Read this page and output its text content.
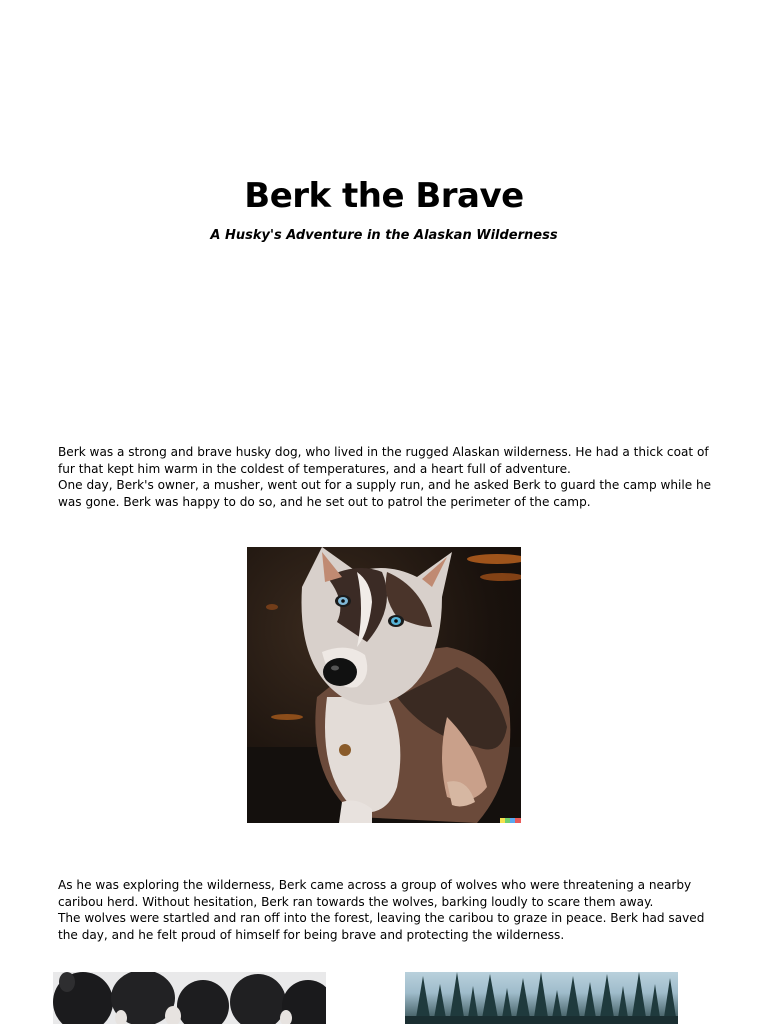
Berk the Brave
A Husky's Adventure in the Alaskan Wilderness

Berk was a strong and brave husky dog, who lived in the rugged Alaskan wilderness. He had a thick coat of fur that kept him warm in the coldest of temperatures, and a heart full of adventure.

One day, Berk's owner, a musher, went out for a supply run, and he asked Berk to guard the camp while he was gone. Berk was happy to do so, and he set out to patrol the perimeter of the camp.

As he was exploring the wilderness, Berk came across a group of wolves who were threatening a nearby caribou herd. Without hesitation, Berk ran towards the wolves, barking loudly to scare them away.

The wolves were startled and ran off into the forest, leaving the caribou to graze in peace. Berk had saved the day, and he felt proud of himself for being brave and protecting the wilderness.
